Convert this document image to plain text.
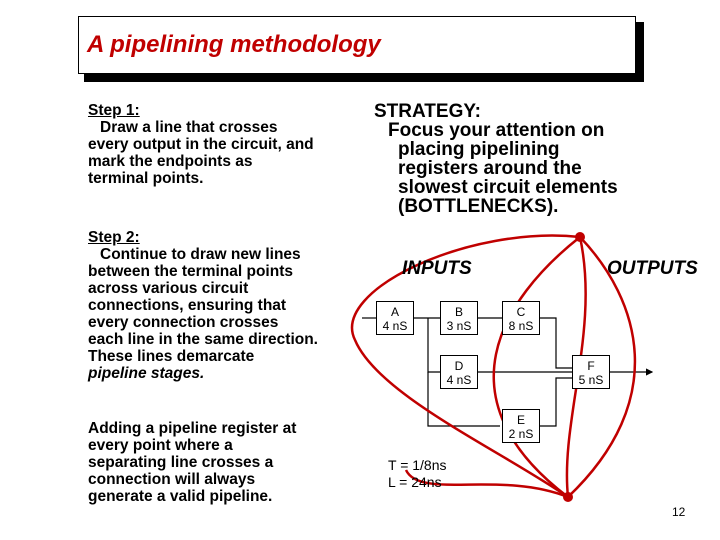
A pipelining methodology
Step 1:
Draw a line that crosses
every output in the circuit, and
mark the endpoints as
terminal points.
Step 2:
Continue to draw new lines
between the terminal points
across various circuit
connections, ensuring that
every connection crosses
each line in the same direction.
These lines demarcate
pipeline stages.
Adding a pipeline register at
every point where a
separating line crosses a
connection will always
generate a valid pipeline.
STRATEGY:
Focus your attention on
placing pipelining
registers around the
slowest circuit elements
(BOTTLENECKS).
INPUTS	OUTPUTS
A
4 nS
B
3 nS
C
8 nS
D
4 nS
E
2 nS
F
5 nS
T = 1/8ns
L = 24ns
12
